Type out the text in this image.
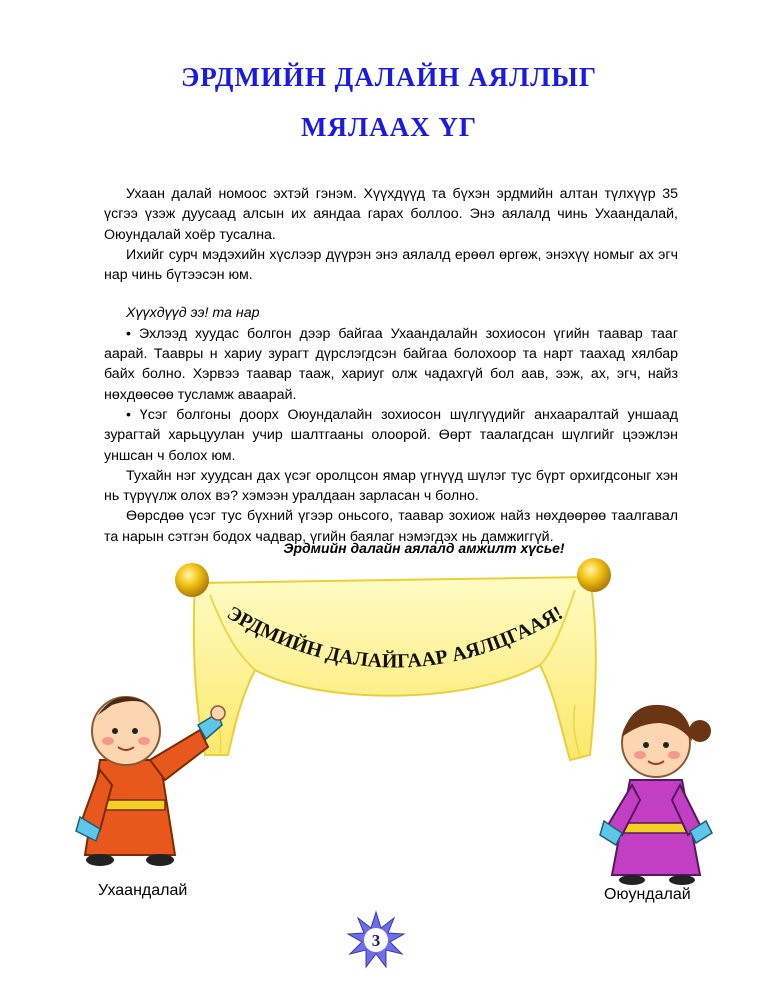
ЭРДМИЙН ДАЛАЙН АЯЛЛЫГ
МЯЛААХ ҮГ

Ухаан далай номоос эхтэй гэнэм. Хүүхдүүд та бүхэн эрдмийн алтан түлхүүр 35 үсгээ үзэж дуусаад алсын их аяндаа гарах боллоо. Энэ аялалд чинь Ухаандалай, Оюундалай хоёр тусална.

Ихийг сурч мэдэхийн хүслээр дүүрэн энэ аялалд ерөөл өргөж, энэхүү номыг ах эгч нар чинь бүтээсэн юм.

Хүүхдүүд ээ! та нар

• Эхлээд хуудас болгон дээр байгаа Ухаандалайн зохиосон үгийн таавар тааг аарай. Таавры н хариу зурагт дүрслэгдсэн байгаа болохоор та нарт таахад хялбар байх болно. Хэрвээ таавар тааж, хариуг олж чадахгүй бол аав, ээж, ах, эгч, найз нөхдөөсөө тусламж аваарай.

• Үсэг болгоны доорх Оюундалайн зохиосон шүлгүүдийг анхааралтай уншаад зурагтай харьцуулан учир шалтгааны олоорой. Өөрт таалагдсан шүлгийг цээжлэн уншсан ч болох юм.

Тухайн нэг хуудсан дах үсэг оролцсон ямар үгнүүд шүлэг тус бүрт орхигдсоныг хэн нь түрүүлж олох вэ? хэмээн уралдаан зарласан ч болно.

Өөрсдөө үсэг тус бүхний үгээр оньсого, таавар зохиож найз нөхдөөрөө таалгавал та нарын сэтгэн бодох чадвар, үгийн баялаг нэмэгдэх нь дамжиггүй.

Эрдмийн далайн аялалд амжилт хүсье!
ЭРДМИЙН ДАЛАЙГААР АЯЛЦГААЯ!
Ухаандалай	Оюундалай
3
